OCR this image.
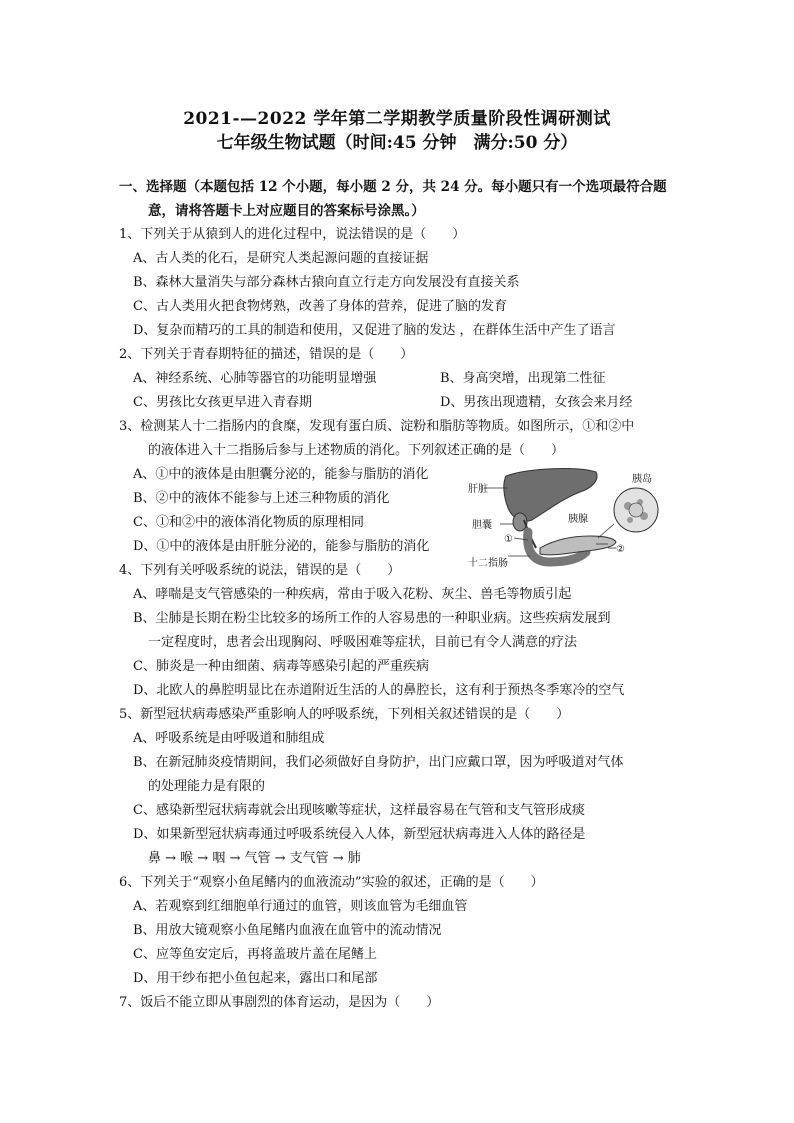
2021-—2022 学年第二学期教学质量阶段性调研测试
七年级生物试题（时间:45 分钟　满分:50 分）
一、选择题（本题包括 12 个小题，每小题 2 分，共 24 分。每小题只有一个选项最符合题
意，请将答题卡上对应题目的答案标号涂黑。）
1、下列关于从猿到人的进化过程中，说法错误的是（　　）
A、古人类的化石，是研究人类起源问题的直接证据
B、森林大量消失与部分森林古猿向直立行走方向发展没有直接关系
C、古人类用火把食物烤熟，改善了身体的营养，促进了脑的发育
D、复杂而精巧的工具的制造和使用，又促进了脑的发达 ，在群体生活中产生了语言
2、下列关于青春期特征的描述，错误的是（　　）
A、神经系统、心肺等器官的功能明显增强	B、身高突增，出现第二性征
C、男孩比女孩更早进入青春期	D、男孩出现遗精，女孩会来月经
3、检测某人十二指肠内的食糜，发现有蛋白质、淀粉和脂肪等物质。如图所示，①和②中
的液体进入十二指肠后参与上述物质的消化。下列叙述正确的是（　　）
A、①中的液体是由胆囊分泌的，能参与脂肪的消化
B、②中的液体不能参与上述三种物质的消化
C、①和②中的液体消化物质的原理相同
D、①中的液体是由肝脏分泌的，能参与脂肪的消化
肝脏
胆囊
①
胰腺
胰岛
②
十二指肠
4、下列有关呼吸系统的说法，错误的是（　　）
A、哮喘是支气管感染的一种疾病，常由于吸入花粉、灰尘、兽毛等物质引起
B、尘肺是长期在粉尘比较多的场所工作的人容易患的一种职业病。这些疾病发展到
一定程度时，患者会出现胸闷、呼吸困难等症状，目前已有令人满意的疗法
C、肺炎是一种由细菌、病毒等感染引起的严重疾病
D、北欧人的鼻腔明显比在赤道附近生活的人的鼻腔长，这有利于预热冬季寒冷的空气
5、新型冠状病毒感染严重影响人的呼吸系统，下列相关叙述错误的是（　　）
A、呼吸系统是由呼吸道和肺组成
B、在新冠肺炎疫情期间，我们必须做好自身防护，出门应戴口罩，因为呼吸道对气体
的处理能力是有限的
C、感染新型冠状病毒就会出现咳嗽等症状，这样最容易在气管和支气管形成痰
D、如果新型冠状病毒通过呼吸系统侵入人体，新型冠状病毒进入人体的路径是
鼻 → 喉 → 咽 → 气管 → 支气管 → 肺
6、下列关于“观察小鱼尾鳍内的血液流动”实验的叙述，正确的是（　　）
A、若观察到红细胞单行通过的血管，则该血管为毛细血管
B、用放大镜观察小鱼尾鳍内血液在血管中的流动情况
C、应等鱼安定后，再将盖玻片盖在尾鳍上
D、用干纱布把小鱼包起来，露出口和尾部
7、饭后不能立即从事剧烈的体育运动，是因为（　　）
